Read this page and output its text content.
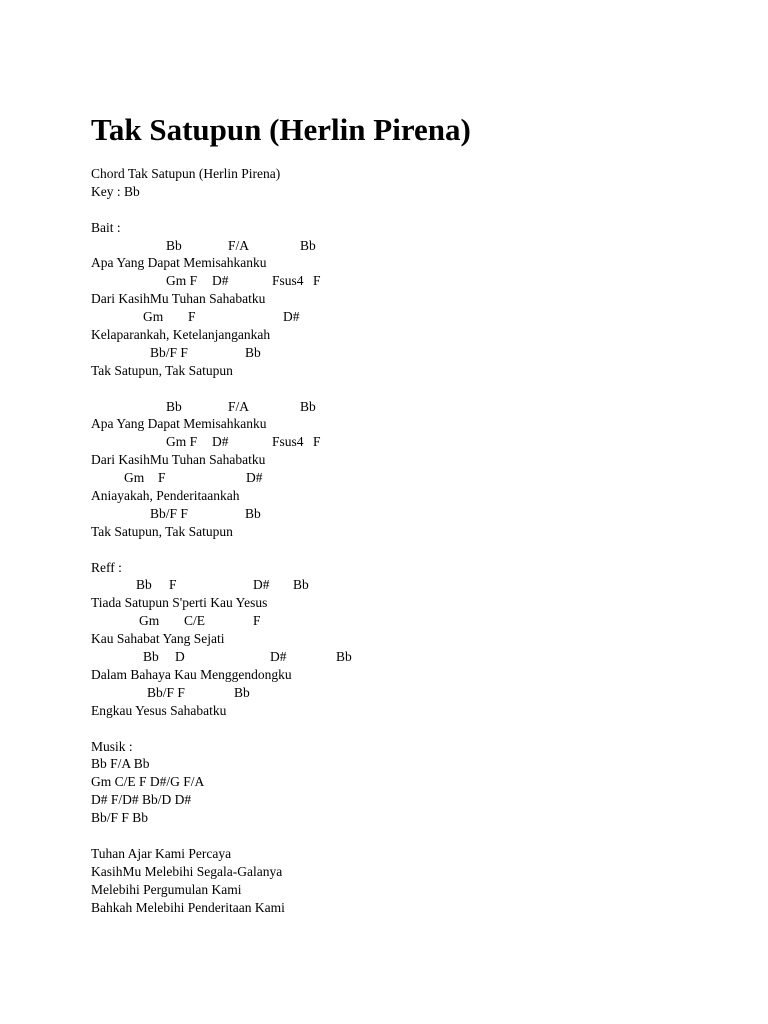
Tak Satupun (Herlin Pirena)
Chord Tak Satupun (Herlin Pirena)
Key : Bb
Bait :
Bb	F/A	Bb
Apa Yang Dapat Memisahkanku
Gm F D#	Fsus4 F
Dari KasihMu Tuhan Sahabatku
Gm F	D#
Kelaparankah, Ketelanjangankah
Bb/F F	Bb
Tak Satupun, Tak Satupun
Bb	F/A	Bb
Apa Yang Dapat Memisahkanku
Gm F D#	Fsus4 F
Dari KasihMu Tuhan Sahabatku
Gm F	D#
Aniayakah, Penderitaankah
Bb/F F	Bb
Tak Satupun, Tak Satupun
Reff :
Bb F	D# Bb
Tiada Satupun S'perti Kau Yesus
Gm C/E	F
Kau Sahabat Yang Sejati
Bb D	D#	Bb
Dalam Bahaya Kau Menggendongku
Bb/F F	Bb
Engkau Yesus Sahabatku
Musik :
Bb F/A Bb
Gm C/E F D#/G F/A
D# F/D# Bb/D D#
Bb/F F Bb
Tuhan Ajar Kami Percaya
KasihMu Melebihi Segala-Galanya
Melebihi Pergumulan Kami
Bahkah Melebihi Penderitaan Kami
